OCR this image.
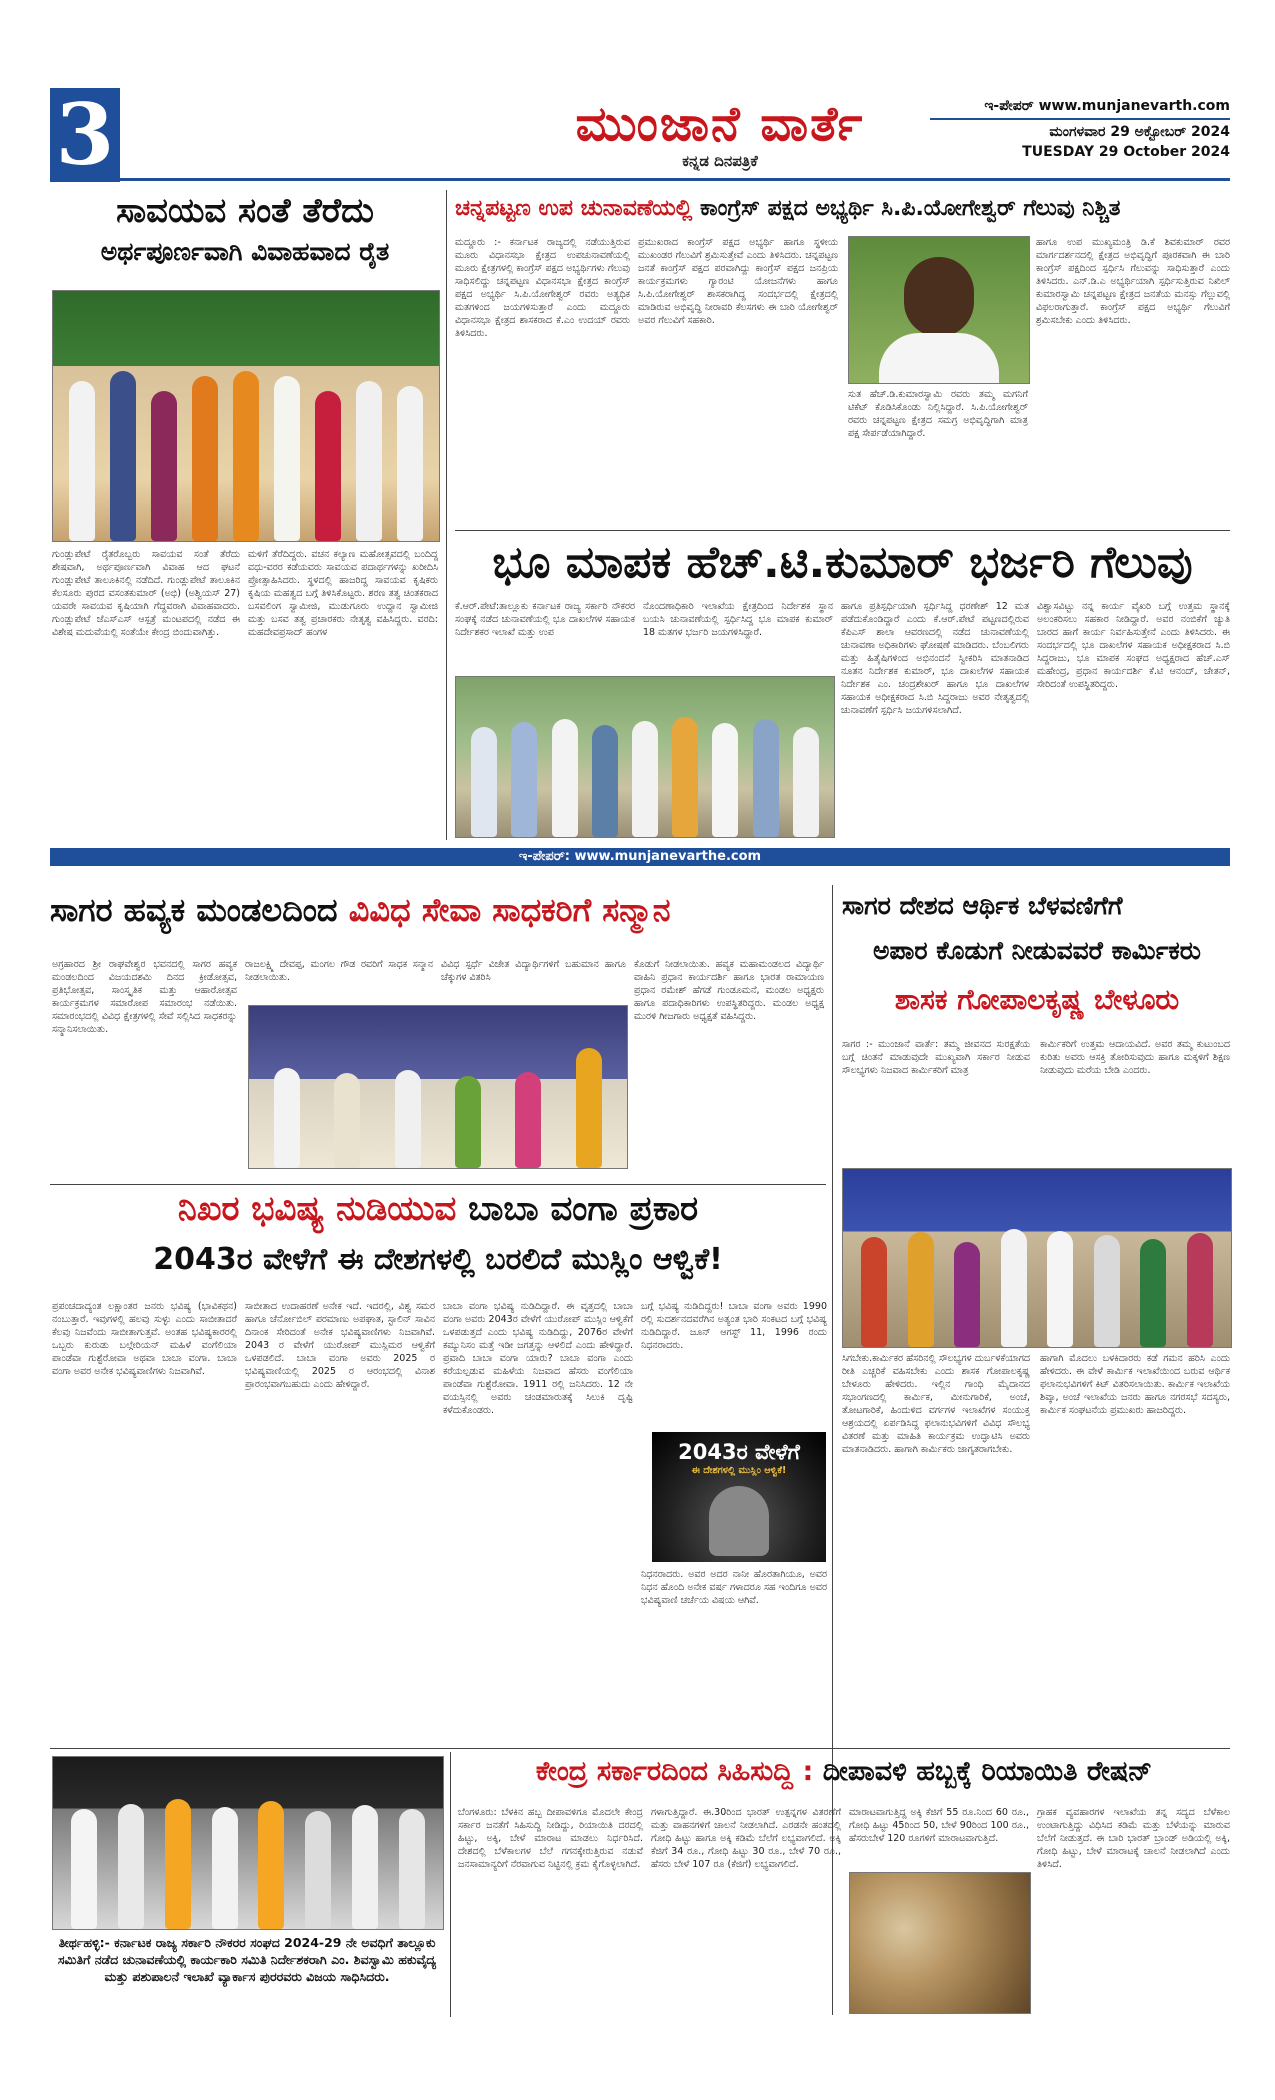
3	ಮುಂಜಾನೆ ವಾರ್ತೆ
ಕನ್ನಡ ದಿನಪತ್ರಿಕೆ
ಇ-ಪೇಪರ್ www.munjanevarth.com
ಮಂಗಳವಾರ 29 ಅಕ್ಟೋಬರ್ 2024
TUESDAY 29 October 2024
ಸಾವಯವ ಸಂತೆ ತೆರೆದು
ಅರ್ಥಪೂರ್ಣವಾಗಿ ವಿವಾಹವಾದ ರೈತ
ಗುಂಡ್ಲುಪೇಟೆ ರೈತರೊಬ್ಬರು ಸಾವಯವ ಸಂತೆ ತೆರೆದು ಶೇಷವಾಗಿ, ಅರ್ಥಪೂರ್ಣವಾಗಿ ವಿವಾಹ ಆದ ಘಟನೆ ಗುಂಡ್ಲುಪೇಟೆ ತಾಲೂಕಿನಲ್ಲಿ ನಡೆದಿದೆ. ಗುಂಡ್ಲುಪೇಟೆ ತಾಲೂಕಿನ ಕೆಲಸೂರು ಪುರದ ವಸಂತಕುಮಾರ್ (ಅಭಿ) (ಅಶ್ವಿಯಸ್ 27) ಯವರೇ ಸಾವಯವ ಕೃಷಿಯಾಗಿ ಗೆದ್ದವರಾಗಿ ವಿವಾಹವಾದರು. ಗುಂಡ್ಲುಪೇಟೆ ಜೆಎಸ್ಎಸ್ ಆಸ್ಪತ್ರೆ ಮಂಟಪದಲ್ಲಿ ನಡೆದ ಈ ವಿಶೇಷ ಮದುವೆಯಲ್ಲಿ ಸಂತೆಯೇ ಕೇಂದ್ರ ಬಿಂದುವಾಗಿತ್ತು.
ಮಳಿಗೆ ತೆರೆದಿದ್ದರು. ವಚನ ಕಲ್ಯಾಣ ಮಹೋತ್ಸವದಲ್ಲಿ ಬಂದಿದ್ದ ವಧು-ವರರ ಕಡೆಯವರು ಸಾವಯವ ಪದಾರ್ಥಗಳನ್ನು ಖರೀದಿಸಿ ಪ್ರೋತ್ಸಾಹಿಸಿದರು. ಸ್ಥಳದಲ್ಲಿ ಹಾಜರಿದ್ದ ಸಾವಯವ ಕೃಷಿಕರು ಕೃಷಿಯ ಮಹತ್ವದ ಬಗ್ಗೆ ತಿಳಿಸಿಕೊಟ್ಟರು. ಶರಣ ತತ್ವ ಚಿಂತಕರಾದ ಬಸವಲಿಂಗ ಸ್ವಾಮೀಜಿ, ಮುಡುಗೂರು ಉದ್ದಾನ ಸ್ವಾಮೀಜಿ ಮತ್ತು ಬಸವ ತತ್ವ ಪ್ರಚಾರಕರು ನೇತೃತ್ವ ವಹಿಸಿದ್ದರು. ವರದಿ: ಮಹದೇವಪ್ರಸಾದ್ ಹಂಗಳ
ಚನ್ನಪಟ್ಟಣ ಉಪ ಚುನಾವಣೆಯಲ್ಲಿ ಕಾಂಗ್ರೆಸ್ ಪಕ್ಷದ ಅಭ್ಯರ್ಥಿ ಸಿ.ಪಿ.ಯೋಗೇಶ್ವರ್ ಗೆಲುವು ನಿಶ್ಚಿತ
ಮದ್ದೂರು :- ಕರ್ನಾಟಕ ರಾಜ್ಯದಲ್ಲಿ ನಡೆಯುತ್ತಿರುವ ಮೂರು ವಿಧಾನಸಭಾ ಕ್ಷೇತ್ರದ ಉಪಚುನಾವಣೆಯಲ್ಲಿ ಮೂರು ಕ್ಷೇತ್ರಗಳಲ್ಲಿ ಕಾಂಗ್ರೆಸ್ ಪಕ್ಷದ ಅಭ್ಯರ್ಥಿಗಳು ಗೆಲುವು ಸಾಧಿಸಲಿದ್ದು ಚನ್ನಪಟ್ಟಣ ವಿಧಾನಸಭಾ ಕ್ಷೇತ್ರದ ಕಾಂಗ್ರೆಸ್ ಪಕ್ಷದ ಅಭ್ಯರ್ಥಿ ಸಿ.ಪಿ.ಯೋಗೇಶ್ವರ್ ರವರು ಅತ್ಯಧಿಕ ಮತಗಳಿಂದ ಜಯಗಳಿಸುತ್ತಾರೆ ಎಂದು ಮದ್ದೂರು ವಿಧಾನಸಭಾ ಕ್ಷೇತ್ರದ ಶಾಸಕರಾದ ಕೆ.ಎಂ ಉದಯ್ ರವರು ತಿಳಿಸಿದರು.
ಪ್ರಮುಖರಾದ ಕಾಂಗ್ರೆಸ್ ಪಕ್ಷದ ಅಭ್ಯರ್ಥಿ ಹಾಗೂ ಸ್ಥಳೀಯ ಮುಖಂಡರ ಗೆಲುವಿಗೆ ಶ್ರಮಿಸುತ್ತೇವೆ ಎಂದು ತಿಳಿಸಿದರು. ಚನ್ನಪಟ್ಟಣ ಜನತೆ ಕಾಂಗ್ರೆಸ್ ಪಕ್ಷದ ಪರವಾಗಿದ್ದು ಕಾಂಗ್ರೆಸ್ ಪಕ್ಷದ ಜನಪ್ರಿಯ ಕಾರ್ಯಕ್ರಮಗಳು ಗ್ಯಾರಂಟಿ ಯೋಜನೆಗಳು ಹಾಗೂ ಸಿ.ಪಿ.ಯೋಗೇಶ್ವರ್ ಶಾಸಕರಾಗಿದ್ದ ಸಂದರ್ಭದಲ್ಲಿ ಕ್ಷೇತ್ರದಲ್ಲಿ ಮಾಡಿರುವ ಅಭಿವೃದ್ಧಿ ನೀರಾವರಿ ಕೆಲಸಗಳು ಈ ಬಾರಿ ಯೋಗೇಶ್ವರ್ ಅವರ ಗೆಲುವಿಗೆ ಸಹಕಾರಿ.
ಸುತ ಹೆಚ್.ಡಿ.ಕುಮಾರಸ್ವಾಮಿ ರವರು ತಮ್ಮ ಮಗನಿಗೆ ಟಿಕೆಟ್ ಕೊಡಿಸಿಕೊಂಡು ನಿಲ್ಲಿಸಿದ್ದಾರೆ. ಸಿ.ಪಿ.ಯೋಗೇಶ್ವರ್ ರವರು ಚನ್ನಪಟ್ಟಣ ಕ್ಷೇತ್ರದ ಸಮಗ್ರ ಅಭಿವೃದ್ಧಿಗಾಗಿ ಮಾತ್ರ ಪಕ್ಷ ಸೇರ್ಪಡೆಯಾಗಿದ್ದಾರೆ.
ಹಾಗೂ ಉಪ ಮುಖ್ಯಮಂತ್ರಿ ಡಿ.ಕೆ ಶಿವಕುಮಾರ್ ರವರ ಮಾರ್ಗದರ್ಶನದಲ್ಲಿ ಕ್ಷೇತ್ರದ ಅಭಿವೃದ್ಧಿಗೆ ಪೂರಕವಾಗಿ ಈ ಬಾರಿ ಕಾಂಗ್ರೆಸ್ ಪಕ್ಷದಿಂದ ಸ್ಪರ್ಧಿಸಿ ಗೆಲುವನ್ನು ಸಾಧಿಸುತ್ತಾರೆ ಎಂದು ತಿಳಿಸಿದರು. ಎನ್.ಡಿ.ಎ ಅಭ್ಯರ್ಥಿಯಾಗಿ ಸ್ಪರ್ಧಿಸುತ್ತಿರುವ ನಿಖಿಲ್ ಕುಮಾರಸ್ವಾಮಿ ಚನ್ನಪಟ್ಟಣ ಕ್ಷೇತ್ರದ ಜನತೆಯ ಮನಸ್ಸು ಗೆಲ್ಲುವಲ್ಲಿ ವಿಫಲರಾಗುತ್ತಾರೆ. ಕಾಂಗ್ರೆಸ್ ಪಕ್ಷದ ಅಭ್ಯರ್ಥಿ ಗೆಲುವಿಗೆ ಶ್ರಮಿಸಬೇಕು ಎಂದು ತಿಳಿಸಿದರು.
ಭೂ ಮಾಪಕ ಹೆಚ್.ಟಿ.ಕುಮಾರ್ ಭರ್ಜರಿ ಗೆಲುವು
ಕೆ.ಆರ್.ಪೇಟೆ:ತಾಲ್ಲೂಕು ಕರ್ನಾಟಕ ರಾಜ್ಯ ಸರ್ಕಾರಿ ನೌಕರರ ಸಂಘಕ್ಕೆ ನಡೆದ ಚುನಾವಣೆಯಲ್ಲಿ ಭೂ ದಾಖಲೆಗಳ ಸಹಾಯಕ ನಿರ್ದೇಶಕರ ಇಲಾಖೆ ಮತ್ತು ಉಪ
ನೊಂದಣಾಧಿಕಾರಿ ಇಲಾಖೆಯ ಕ್ಷೇತ್ರದಿಂದ ನಿರ್ದೇಶಕ ಸ್ಥಾನ ಬಯಸಿ ಚುನಾವಣೆಯಲ್ಲಿ ಸ್ಪರ್ಧಿಸಿದ್ದ ಭೂ ಮಾಪಕ ಕುಮಾರ್ 18 ಮತಗಳ ಭರ್ಜರಿ ಜಯಗಳಿಸಿದ್ದಾರೆ.
ಹಾಗೂ ಪ್ರತಿಸ್ಪರ್ಧಿಯಾಗಿ ಸ್ಪರ್ಧಿಸಿದ್ದ ಧರಣೇಶ್ 12 ಮತ ಪಡೆದುಕೊಂಡಿದ್ದಾರೆ ಎಂದು ಕೆ.ಆರ್.ಪೇಟೆ ಪಟ್ಟಣದಲ್ಲಿರುವ ಕೆಪಿಎಸ್ ಶಾಲಾ ಆವರಣದಲ್ಲಿ ನಡೆದ ಚುನಾವಣೆಯಲ್ಲಿ ಚುನಾವಣಾ ಅಧಿಕಾರಿಗಳು ಘೋಷಣೆ ಮಾಡಿದರು. ಬೆಂಬಲಿಗರು ಮತ್ತು ಹಿತೈಷಿಗಳಿಂದ ಅಭಿನಂದನೆ ಸ್ವೀಕರಿಸಿ ಮಾತನಾಡಿದ ನೂತನ ನಿರ್ದೇಶಕ ಕುಮಾರ್, ಭೂ ದಾಖಲೆಗಳ ಸಹಾಯಕ ನಿರ್ದೇಶಕ ಎಂ. ಚಂದ್ರಶೇಖರ್ ಹಾಗೂ ಭೂ ದಾಖಲೆಗಳ ಸಹಾಯಕ ಅಧೀಕ್ಷಕರಾದ ಸಿ.ಬಿ ಸಿದ್ದರಾಜು ಅವರ ನೇತೃತ್ವದಲ್ಲಿ ಚುನಾವಣೆಗೆ ಸ್ಪರ್ಧಿಸಿ ಜಯಗಳಿಸಲಾಗಿದೆ.
ವಿಶ್ವಾಸವಿಟ್ಟು ನನ್ನ ಕಾರ್ಯ ವೈಖರಿ ಬಗ್ಗೆ ಉತ್ತಮ ಸ್ಥಾನಕ್ಕೆ ಅಲಂಕರಿಸಲು ಸಹಕಾರ ನೀಡಿದ್ದಾರೆ. ಅವರ ನಂಬಿಕೆಗೆ ಚ್ಯುತಿ ಬಾರದ ಹಾಗೆ ಕಾರ್ಯ ನಿರ್ವಹಿಸುತ್ತೇನೆ ಎಂದು ತಿಳಿಸಿದರು. ಈ ಸಂದರ್ಭದಲ್ಲಿ ಭೂ ದಾಖಲೆಗಳ ಸಹಾಯಕ ಅಧೀಕ್ಷಕರಾದ ಸಿ.ಬಿ ಸಿದ್ದರಾಜು, ಭೂ ಮಾಪಕ ಸಂಘದ ಅಧ್ಯಕ್ಷರಾದ ಹೆಚ್.ಎಸ್ ಮಹೇಂದ್ರ, ಪ್ರಧಾನ ಕಾರ್ಯದರ್ಶಿ ಕೆ.ಟಿ ಆನಂದ್, ಚೇತನ್, ಸೇರಿದಂತೆ ಉಪಸ್ಥಿತರಿದ್ದರು.
ಇ-ಪೇಪರ್: www.munjanevarthe.com
ಸಾಗರ ಹವ್ಯಕ ಮಂಡಲದಿಂದ ವಿವಿಧ ಸೇವಾ ಸಾಧಕರಿಗೆ ಸನ್ಮಾನ
ಅಗ್ರಹಾರದ ಶ್ರೀ ರಾಘವೇಶ್ವರ ಭವನದಲ್ಲಿ ಸಾಗರ ಹವ್ಯಕ ಮಂಡಲದಿಂದ ವಿಜಯದಶಮಿ ದಿನದ ಕ್ರೀಡೋತ್ಸವ, ಪ್ರತಿಭೋತ್ಸವ, ಸಾಂಸ್ಕೃತಿಕ ಮತ್ತು ಆಹಾರೋತ್ಸವ ಕಾರ್ಯಕ್ರಮಗಳ ಸಮಾರೋಪ ಸಮಾರಂಭ ನಡೆಯಿತು. ಸಮಾರಂಭದಲ್ಲಿ ವಿವಿಧ ಕ್ಷೇತ್ರಗಳಲ್ಲಿ ಸೇವೆ ಸಲ್ಲಿಸಿದ ಸಾಧಕರನ್ನು ಸನ್ಮಾನಿಸಲಾಯಿತು.
ರಾಜಲಕ್ಷ್ಮಿ ದೇವಪ್ಪ, ಮಂಗಲ ಗೌಡ ರವರಿಗೆ ಸಾಧಕ ಸನ್ಮಾನ ನೀಡಲಾಯಿತು.
ವಿವಿಧ ಸ್ಪರ್ಧೆ ವಿಜೇತ ವಿದ್ಯಾರ್ಥಿಗಳಿಗೆ ಬಹುಮಾನ ಹಾಗೂ ಚೆಕ್ಕುಗಳ ವಿತರಿಸಿ
ಕೊಡುಗೆ ನೀಡಲಾಯಿತು. ಹವ್ಯಕ ಮಹಾಮಂಡಲದ ವಿದ್ಯಾರ್ಥಿ ವಾಹಿನಿ ಪ್ರಧಾನ ಕಾರ್ಯದರ್ಶಿ ಹಾಗೂ ಭಾರತ ರಾಮಾಯಣ ಪ್ರಧಾನ ರಮೇಶ್ ಹೆಗಡೆ ಗುಂಡೂಮನೆ, ಮಂಡಲ ಅಧ್ಯಕ್ಷರು ಹಾಗೂ ಪದಾಧಿಕಾರಿಗಳು ಉಪಸ್ಥಿತರಿದ್ದರು. ಮಂಡಲ ಅಧ್ಯಕ್ಷ ಮುರಳಿ ಗೀಜಗಾರು ಅಧ್ಯಕ್ಷತೆ ವಹಿಸಿದ್ದರು.
ಸಾಗರ ದೇಶದ ಆರ್ಥಿಕ ಬೆಳವಣಿಗೆಗೆ
ಅಪಾರ ಕೊಡುಗೆ ನೀಡುವವರೆ ಕಾರ್ಮಿಕರು
ಶಾಸಕ ಗೋಪಾಲಕೃಷ್ಣ ಬೇಳೂರು
ಸಾಗರ :- ಮುಂಜಾನೆ ವಾರ್ತೆ: ತಮ್ಮ ಜೀವನದ ಸುರಕ್ಷತೆಯ ಬಗ್ಗೆ ಚಿಂತನೆ ಮಾಡುವುದೇ ಮುಖ್ಯವಾಗಿ ಸರ್ಕಾರ ನೀಡುವ ಸೌಲಭ್ಯಗಳು ನಿಜವಾದ ಕಾರ್ಮಿಕರಿಗೆ ಮಾತ್ರ
ಕಾರ್ಮಿಕರಿಗೆ ಉತ್ತಮ ಆದಾಯವಿದೆ. ಅವರ ತಮ್ಮ ಕುಟುಂಬದ ಕುರಿತು ಅವರು ಆಸಕ್ತಿ ತೋರಿಸುವುದು ಹಾಗೂ ಮಕ್ಕಳಿಗೆ ಶಿಕ್ಷಣ ನೀಡುವುದು ಮರೆಯ ಬೇಡಿ ಎಂದರು.
ಸಿಗಬೇಕು.ಕಾರ್ಮಿಕರ ಹೆಸರಿನಲ್ಲಿ ಸೌಲಭ್ಯಗಳ ದುರ್ಬಳಕೆಯಾಗದ ರೀತಿ ಎಚ್ಚರಿಕೆ ವಹಿಸಬೇಕು ಎಂದು ಶಾಸಕ ಗೋಪಾಲಕೃಷ್ಣ ಬೇಳೂರು ಹೇಳಿದರು. ಇಲ್ಲಿನ ಗಾಂಧಿ ಮೈದಾನದ ಸಭಾಂಗಣದಲ್ಲಿ ಕಾರ್ಮಿಕ, ಮೀನುಗಾರಿಕೆ, ಅಂಚೆ, ತೋಟಗಾರಿಕೆ, ಹಿಂದುಳಿದ ವರ್ಗಗಳ ಇಲಾಖೆಗಳ ಸಂಯುಕ್ತ ಆಶ್ರಯದಲ್ಲಿ ಏರ್ಪಡಿಸಿದ್ದ ಫಲಾನುಭವಿಗಳಿಗೆ ವಿವಿಧ ಸೌಲಭ್ಯ ವಿತರಣೆ ಮತ್ತು ಮಾಹಿತಿ ಕಾರ್ಯಕ್ರಮ ಉದ್ಘಾಟಿಸಿ ಅವರು ಮಾತನಾಡಿದರು. ಹಾಗಾಗಿ ಕಾರ್ಮಿಕರು ಜಾಗೃತರಾಗಬೇಕು.
ಹಾಗಾಗಿ ಮೊದಲು ಬಳಕಿದಾರರು ಕಡೆ ಗಮನ ಹರಿಸಿ ಎಂದು ಹೇಳಿದರು. ಈ ವೇಳೆ ಕಾರ್ಮಿಕ ಇಲಾಖೆಯಿಂದ ಬರುವ ಆರ್ಥಿಕ ಫಲಾನುಭವಿಗಳಿಗೆ ಕಿಟ್ ವಿತರಿಸಲಾಯಿತು. ಕಾರ್ಮಿಕ ಇಲಾಖೆಯ ಶಿವ್ಕಾ, ಅಂಚೆ ಇಲಾಖೆಯ ಜನರು ಹಾಗೂ ನಗರಸಭೆ ಸದಸ್ಯರು, ಕಾರ್ಮಿಕ ಸಂಘಟನೆಯ ಪ್ರಮುಖರು ಹಾಜರಿದ್ದರು.
ನಿಖರ ಭವಿಷ್ಯ ನುಡಿಯುವ ಬಾಬಾ ವಂಗಾ ಪ್ರಕಾರ
2043ರ ವೇಳೆಗೆ ಈ ದೇಶಗಳಲ್ಲಿ ಬರಲಿದೆ ಮುಸ್ಲಿಂ ಆಳ್ವಿಕೆ!
ಪ್ರಪಂಚದಾದ್ಯಂತ ಲಕ್ಷಾಂತರ ಜನರು ಭವಿಷ್ಯ (ಭಾವಿಕಥನ) ನಂಬುತ್ತಾರೆ. ಇವುಗಳಲ್ಲಿ ಹಲವು ಸುಳ್ಳು ಎಂದು ಸಾಬೀತಾದರೆ ಕೆಲವು ನಿಜವೆಂದು ಸಾಬೀತಾಗುತ್ತವೆ. ಅಂತಹ ಭವಿಷ್ಯಕಾರರಲ್ಲಿ ಒಬ್ಬರು ಕುರುಡು ಬಲ್ಗೇರಿಯನ್ ಮಹಿಳೆ ವಂಗೆಲಿಯಾ ಪಾಂಡೆವಾ ಗುಶ್ಟೆರೋವಾ ಅಥವಾ ಬಾಬಾ ವಂಗಾ. ಬಾಬಾ ವಂಗಾ ಅವರ ಅನೇಕ ಭವಿಷ್ಯವಾಣಿಗಳು ನಿಜವಾಗಿವೆ.
ಸಾಬೀತಾದ ಉದಾಹರಣೆ ಅನೇಕ ಇದೆ. ಇದರಲ್ಲಿ, ವಿಶ್ವ ಸಮರ ಹಾಗೂ ಚೆರ್ನೋಬಿಲ್ ಪರಮಾಣು ಅಪಘಾತ, ಸ್ಟಾಲಿನ್ ಸಾವಿನ ದಿನಾಂಕ ಸೇರಿದಂತೆ ಅನೇಕ ಭವಿಷ್ಯವಾಣಿಗಳು ನಿಜವಾಗಿವೆ. 2043 ರ ವೇಳೆಗೆ ಯುರೋಪ್ ಮುಸ್ಲಿಮರ ಆಳ್ವಿಕೆಗೆ ಒಳಪಡಲಿದೆ. ಬಾಬಾ ವಂಗಾ ಅವರು 2025 ರ ಭವಿಷ್ಯವಾಣಿಯಲ್ಲಿ 2025 ರ ಆರಂಭದಲ್ಲಿ ವಿನಾಶ ಪ್ರಾರಂಭವಾಗಬಹುದು ಎಂದು ಹೇಳಿದ್ದಾರೆ.
ಬಾಬಾ ವಂಗಾ ಭವಿಷ್ಯ ನುಡಿದಿದ್ದಾರೆ. ಈ ವೃತ್ತದಲ್ಲಿ ಬಾಬಾ ವಂಗಾ ಅವರು 2043ರ ವೇಳೆಗೆ ಯುರೋಪ್ ಮುಸ್ಲಿಂ ಆಳ್ವಿಕೆಗೆ ಒಳಪಡುತ್ತದೆ ಎಂದು ಭವಿಷ್ಯ ನುಡಿದಿದ್ದು, 2076ರ ವೇಳೆಗೆ ಕಮ್ಯುನಿಸಂ ಮತ್ತೆ ಇಡೀ ಜಗತ್ತನ್ನು ಆಳಲಿದೆ ಎಂದು ಹೇಳಿದ್ದಾರೆ. ಪ್ರವಾದಿ ಬಾಬಾ ವಂಗಾ ಯಾರು? ಬಾಬಾ ವಂಗಾ ಎಂದು ಕರೆಯಲ್ಪಡುವ ಮಹಿಳೆಯ ನಿಜವಾದ ಹೆಸರು ವಂಗೆಲಿಯಾ ಪಾಂಡೆವಾ ಗುಶ್ಟೆರೋವಾ. 1911 ರಲ್ಲಿ ಜನಿಸಿದರು. 12 ನೇ ವಯಸ್ಸಿನಲ್ಲಿ ಅವರು ಚಂಡಮಾರುತಕ್ಕೆ ಸಿಲುಕಿ ದೃಷ್ಟಿ ಕಳೆದುಕೊಂಡರು.
ಬಗ್ಗೆ ಭವಿಷ್ಯ ನುಡಿದಿದ್ದರು! ಬಾಬಾ ವಂಗಾ ಅವರು 1990 ರಲ್ಲಿ ಸುದರ್ಶನದವರೆಗಿನ ಅತ್ಯಂತ ಭಾರಿ ಸಂಕಟದ ಬಗ್ಗೆ ಭವಿಷ್ಯ ನುಡಿದಿದ್ದಾರೆ. ಜೂನ್ ಆಗಸ್ಟ್ 11, 1996 ರಂದು ನಿಧನರಾದರು.
2043ರ ವೇಳೆಗೆ
ಈ ದೇಶಗಳಲ್ಲಿ ಮುಸ್ಲಿಂ ಆಳ್ವಿಕೆ!
ನಿಧನರಾದರು. ಅವರ ಅದರ ನಾನೀ ಹೊರತಾಗಿಯೂ, ಅವರ ನಿಧನ ಹೊಂದಿ ಅನೇಕ ವರ್ಷ ಗಳಾದರೂ ಸಹ ಇಂದಿಗೂ ಅವರ ಭವಿಷ್ಯವಾಣಿ ಚರ್ಚೆಯ ವಿಷಯ ಆಗಿವೆ.
ತೀರ್ಥಹಳ್ಳಿ:- ಕರ್ನಾಟಕ ರಾಜ್ಯ ಸರ್ಕಾರಿ ನೌಕರರ ಸಂಘದ 2024-29 ನೇ ಅವಧಿಗೆ ತಾಲ್ಲೂಕು ಸಮಿತಿಗೆ ನಡೆದ ಚುನಾವಣೆಯಲ್ಲಿ ಕಾರ್ಯಕಾರಿ ಸಮಿತಿ ನಿರ್ದೇಶಕರಾಗಿ ಎಂ. ಶಿವಸ್ವಾಮಿ ಹಕುವೈದ್ಯ ಮತ್ತು ಪಶುಪಾಲನೆ ಇಲಾಖೆ ವ್ಯಾರ್ಕಾಸ ಪುರರವರು ವಿಜಯ ಸಾಧಿಸಿದರು.
ಕೇಂದ್ರ ಸರ್ಕಾರದಿಂದ ಸಿಹಿಸುದ್ದಿ : ದೀಪಾವಳಿ ಹಬ್ಬಕ್ಕೆ ರಿಯಾಯಿತಿ ರೇಷನ್
ಬೆಂಗಳೂರು: ಬೆಳಕಿನ ಹಬ್ಬ ದೀಪಾವಳಿಗೂ ಮೊದಲೇ ಕೇಂದ್ರ ಸರ್ಕಾರ ಜನತೆಗೆ ಸಿಹಿಸುದ್ದಿ ನೀಡಿದ್ದು, ರಿಯಾಯಿತಿ ದರದಲ್ಲಿ ಹಿಟ್ಟು, ಅಕ್ಕಿ, ಬೇಳೆ ಮಾರಾಟ ಮಾಡಲು ನಿರ್ಧರಿಸಿದೆ. ದೇಶದಲ್ಲಿ ಬೆಳೆಕಾಲಗಳ ಬೆಲೆ ಗಗನಕ್ಕೇರುತ್ತಿರುವ ನಡುವೆ ಜನಸಾಮಾನ್ಯರಿಗೆ ನೆರವಾಗುವ ನಿಟ್ಟಿನಲ್ಲಿ ಕ್ರಮ ಕೈಗೊಳ್ಳಲಾಗಿದೆ.
ಗಳಾಗುತ್ತಿದ್ದಾರೆ. ಈ.30ರಿಂದ ಭಾರತ್ ಉತ್ಪನ್ನಗಳ ವಿತರಣೆಗೆ ಮತ್ತು ವಾಹನಗಳಿಗೆ ಚಾಲನೆ ನೀಡಲಾಗಿದೆ. ಎರಡನೇ ಹಂತದಲ್ಲಿ ಗೋಧಿ ಹಿಟ್ಟು ಹಾಗೂ ಅಕ್ಕಿ ಕಡಿಮೆ ಬೆಲೆಗೆ ಲಭ್ಯವಾಗಲಿದೆ. ಅಕ್ಕಿ ಕೆಜಿಗೆ 34 ರೂ., ಗೋಧಿ ಹಿಟ್ಟು 30 ರೂ., ಬೇಳೆ 70 ರೂ., ಹೆಸರು ಬೇಳೆ 107 ರೂ (ಕೆಜಿಗೆ) ಲಭ್ಯವಾಗಲಿದೆ.
ಮಾರಾಟವಾಗುತ್ತಿದ್ದ ಅಕ್ಕಿ ಕೆಜಿಗೆ 55 ರೂ.ನಿಂದ 60 ರೂ., ಗೋಧಿ ಹಿಟ್ಟು 45ರಿಂದ 50, ಬೇಳೆ 90ರಿಂದ 100 ರೂ., ಹೆಸರುಬೇಳೆ 120 ರೂಗಳಿಗೆ ಮಾರಾಟವಾಗುತ್ತಿದೆ.
ಗ್ರಾಹಕ ವ್ಯವಹಾರಗಳ ಇಲಾಖೆಯ ತನ್ನ ಸದ್ಯದ ಬೆಳೆಕಾಲ ಉಂಟಾಗುತ್ತಿದ್ದು ವಿಧಿಸಿದ ಕಡಿಮೆ ಮತ್ತು ಬೆಳೆಯನ್ನು ಮಾರುವ ಬೆಲೆಗೆ ನೀಡುತ್ತದೆ. ಈ ಬಾರಿ ಭಾರತ್ ಬ್ರಾಂಡ್ ಅಡಿಯಲ್ಲಿ ಅಕ್ಕಿ, ಗೋಧಿ ಹಿಟ್ಟು, ಬೇಳೆ ಮಾರಾಟಕ್ಕೆ ಚಾಲನೆ ನೀಡಲಾಗಿದೆ ಎಂದು ತಿಳಿಸಿದೆ.
